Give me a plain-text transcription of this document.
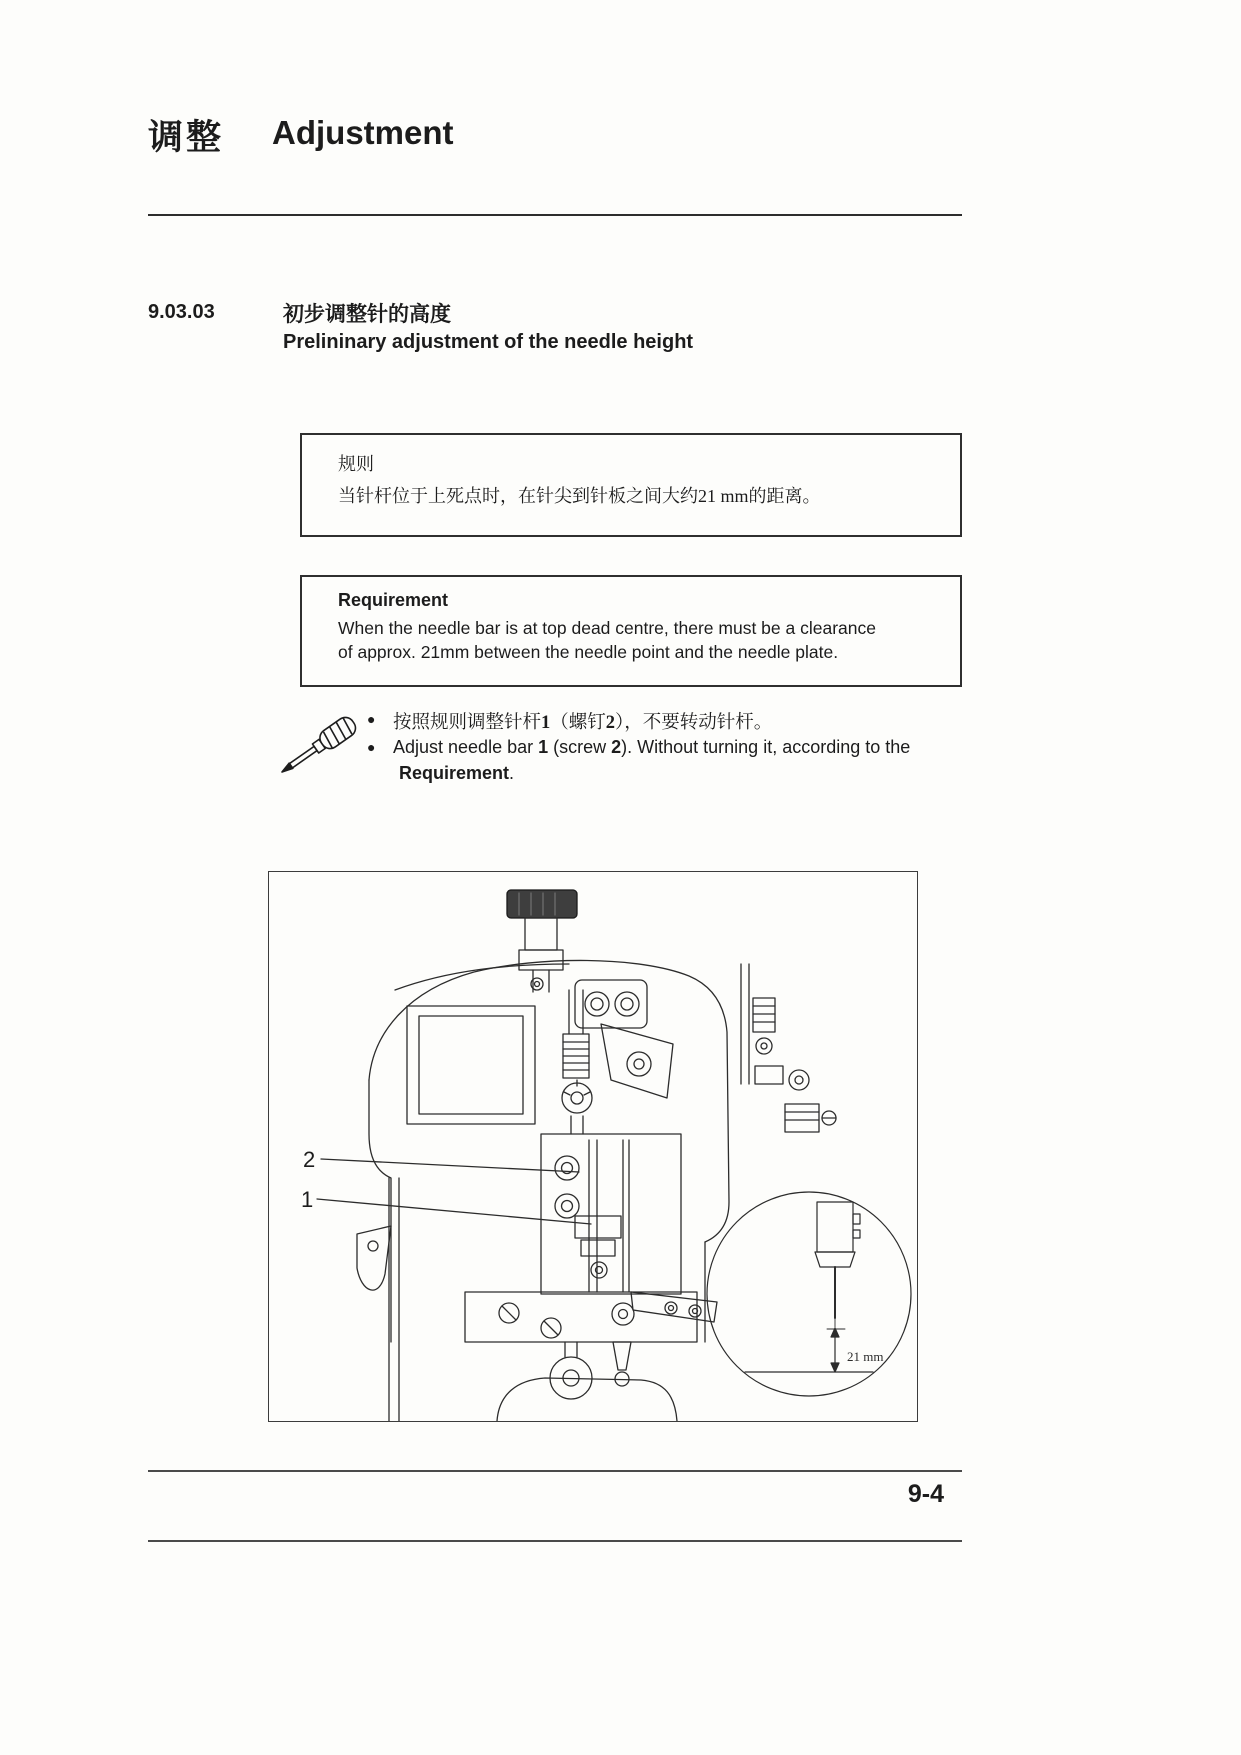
调整 Adjustment
9.03.03	初步调整针的高度
Prelininary adjustment of the needle height
规则
当针杆位于上死点时，在针尖到针板之间大约21 mm的距离。
Requirement
When the needle bar is at top dead centre, there must be a clearance
of approx. 21mm between the needle point and the needle plate.
● 按照规则调整针杆1（螺钉2），不要转动针杆。
● Adjust needle bar 1 (screw 2). Without turning it, according to the
Requirement.
2
1
21 mm
9-4
